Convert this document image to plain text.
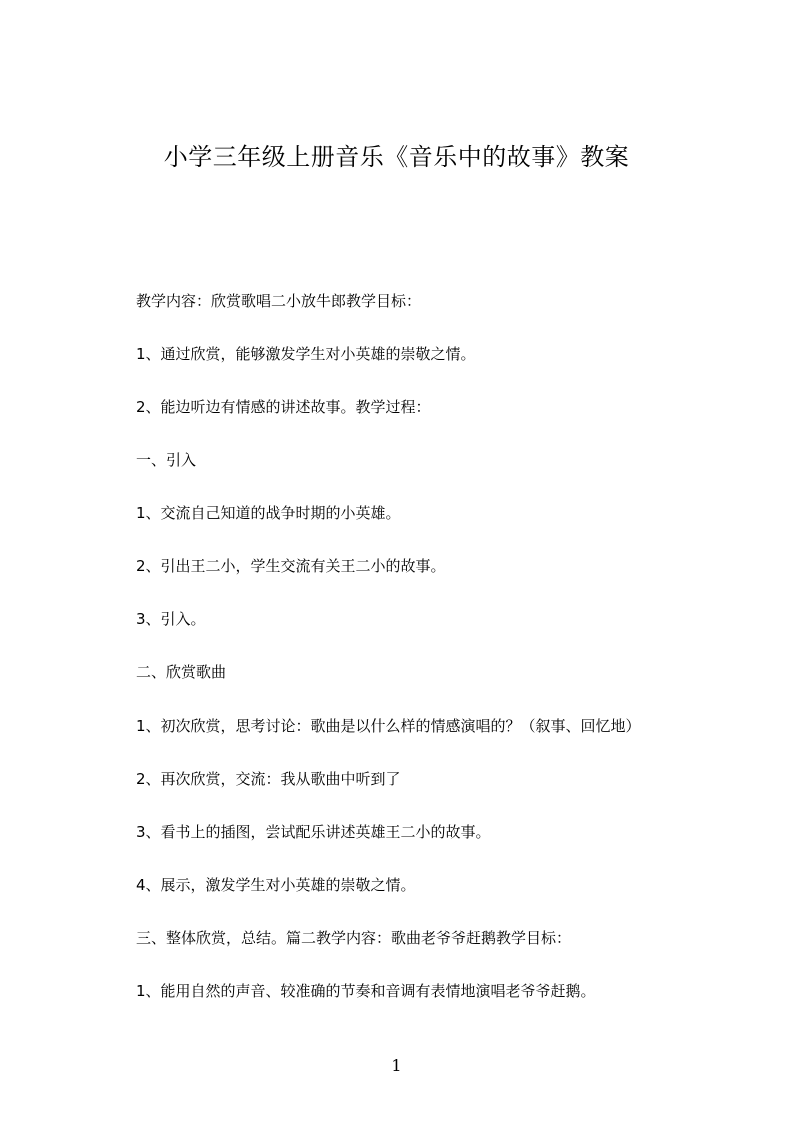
小学三年级上册音乐《音乐中的故事》教案
教学内容：欣赏歌唱二小放牛郎教学目标：
1、通过欣赏，能够激发学生对小英雄的崇敬之情。
2、能边听边有情感的讲述故事。教学过程：
一、引入
1、交流自己知道的战争时期的小英雄。
2、引出王二小，学生交流有关王二小的故事。
3、引入。
二、欣赏歌曲
1、初次欣赏，思考讨论：歌曲是以什么样的情感演唱的？（叙事、回忆地）
2、再次欣赏，交流：我从歌曲中听到了
3、看书上的插图，尝试配乐讲述英雄王二小的故事。
4、展示，激发学生对小英雄的崇敬之情。
三、整体欣赏，总结。篇二教学内容：歌曲老爷爷赶鹅教学目标：
1、能用自然的声音、较准确的节奏和音调有表情地演唱老爷爷赶鹅。
1
